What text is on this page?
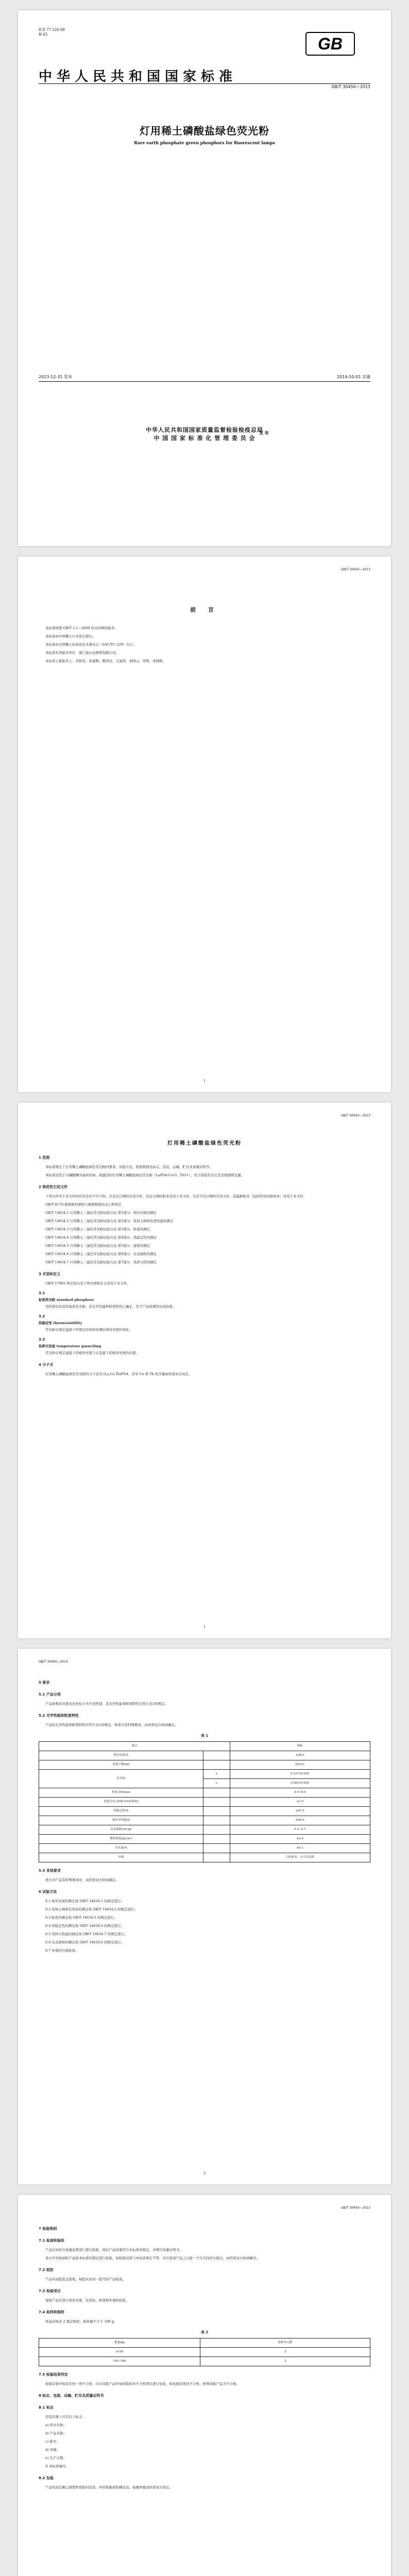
ICS 77.120.99
H 65	GB
中华人民共和国国家标准
GB/T 30450—2013
灯用稀土磷酸盐绿色荧光粉
Rare earth phosphate green phosphors for fluorescent lamps
2013-12-31 发布	2014-10-01 实施
中华人民共和国国家质量监督检验检疫总局
中 国 国 家 标 准 化 管 理 委 员 会
发 布
GB/T 30450—2013
前 言

本标准按照 GB/T 1.1—2009 给出的规则起草。

本标准由中国稀土行业协会提出。

本标准由全国稀土标准化技术委员会（SAC/TC 229）归口。

本标准负责起草单位：厦门通士达照明有限公司。

本标准主要起草人：李树奇、张建辉、陈国良、王海涛、刘国云、李明、黄晓辉。

I
GB/T 30450—2013
灯用稀土磷酸盐绿色荧光粉
1 范围

本标准规定了灯用稀土磷酸盐绿色荧光粉的要求、试验方法、检验规则及标志、包装、运输、贮存及质量证明书。

本标准适用于以磷酸镧为基质的铈、铽激活的灯用稀土磷酸盐绿色荧光粉（LaPO4∶Ce3+, Tb3+），用于制造荧光灯及其他照明光源。

2 规范性引用文件

下列文件对于本文件的应用是必不可少的。凡是注日期的引用文件，仅注日期的版本适用于本文件。凡是不注日期的引用文件，其最新版本（包括所有的修改单）适用于本文件。

GB/T 8170 数值修约规则与极限数值的表示和判定

GB/T 14634.1 灯用稀土三基色荧光粉试验方法 第1部分：相对亮度的测定

GB/T 14634.2 灯用稀土三基色荧光粉试验方法 第2部分：发射主峰和色度性能的测定

GB/T 14634.3 灯用稀土三基色荧光粉试验方法 第3部分：粒度的测定

GB/T 14634.4 灯用稀土三基色荧光粉试验方法 第4部分：热稳定性的测定

GB/T 14634.5 灯用稀土三基色荧光粉试验方法 第5部分：密度的测定

GB/T 14634.6 灯用稀土三基色荧光粉试验方法 第6部分：比表面积的测定

GB/T 14634.7 灯用稀土三基色荧光粉试验方法 第7部分：热猝灭性的测定

3 术语和定义

GB/T 17803 界定的以及下列术语和定义适用于本文件。

3.1
标准荧光粉 standard phosphors

用作相对比较的基准荧光粉，其光学性能和粒度特性已确定，用于产品检测的比较标准。

3.2
热稳定性 thermostability

荧光粉在规定温度下经规定时间热处理后相对亮度的变化。

3.3
热猝灭性能 temperature quenching

荧光粉在规定温度下的相对亮度与在室温下的相对亮度的比值。

4 分子式

灯用稀土磷酸盐绿色荧光粉的分子式为 (La,Ce,Tb)PO4，其中 Ce 和 Tb 的含量由供需双方商定。

1
GB/T 30450—2013
5 要求
5.1 产品分类

产品按相对亮度及色坐标分为不同类别，其光学性能和粒度特性应符合表1的规定。

5.2 光学性能和粒度特性

产品的光学性能和粒度特性应符合表1的规定，如需方有特殊要求，由供需双方协商确定。

表 1
项目		指标
相对亮度/%		≥98.0
发射主峰/nm		543±1
色坐标	x	0.337±0.005
	y	0.585±0.005
粒度 D50/μm		4.0~6.0
粒度分布 (D90-D10)/D50		≤1.5
热稳定性/%		≥97.0
热猝灭性能/%		≥90.0
比表面积/(m²/g)		0.3~0.7
堆积密度/(g/cm³)		≥2.0
含水量/%		≤0.1
外观		白色粉末，无可见杂质
5.3 其他要求

需方对产品有特殊要求时，由供需双方协商确定。

6 试验方法

6.1 相对亮度的测定按 GB/T 14634.1 的规定进行。

6.2 发射主峰和色坐标的测定按 GB/T 14634.2 的规定进行。

6.3 粒度的测定按 GB/T 14634.3 的规定进行。

6.4 热稳定性的测定按 GB/T 14634.4 的规定进行。

6.5 热猝灭性能的测定按 GB/T 14634.7 的规定进行。

6.6 比表面积的测定按 GB/T 14634.6 的规定进行。

6.7 外观用目视检查。

2
GB/T 30450—2013
7 检验规则
7.1 检查和验收

产品应由供方质量监督部门进行检验，保证产品质量符合本标准的规定，并填写质量证明书。

需方可对收到的产品按本标准的规定进行检验，如检验结果与本标准规定不符，应在收到产品之日起一个月内向供方提出，由供需双方协商解决。

7.2 组批

产品应成批提交验收，每批应由同一批号的产品组成。

7.3 检验项目

每批产品应进行相对亮度、色坐标、粒度和外观的检验。

7.4 取样和制样

样品应按表 2 规定取样，取样量不少于 100 g。

表 2
批量/kg	取样单元数
≤100	2
100~500	3
7.5 检验结果判定

检验结果中如有任何一项不合格，应从该批产品中加倍取样对不合格项目进行复验，如复验结果仍不合格，则判该批产品为不合格。

8 标志、包装、运输、贮存及质量证明书
8.1 标志

包装容器上应有以下标志：

a) 供方名称；

b) 产品名称；

c) 批号；

d) 净重；

e) 生产日期；

f) 本标准编号。

8.2 包装

产品用双层聚乙烯塑料袋密封包装，外用纸箱或铁桶包装，每桶净重由供需双方商定。
